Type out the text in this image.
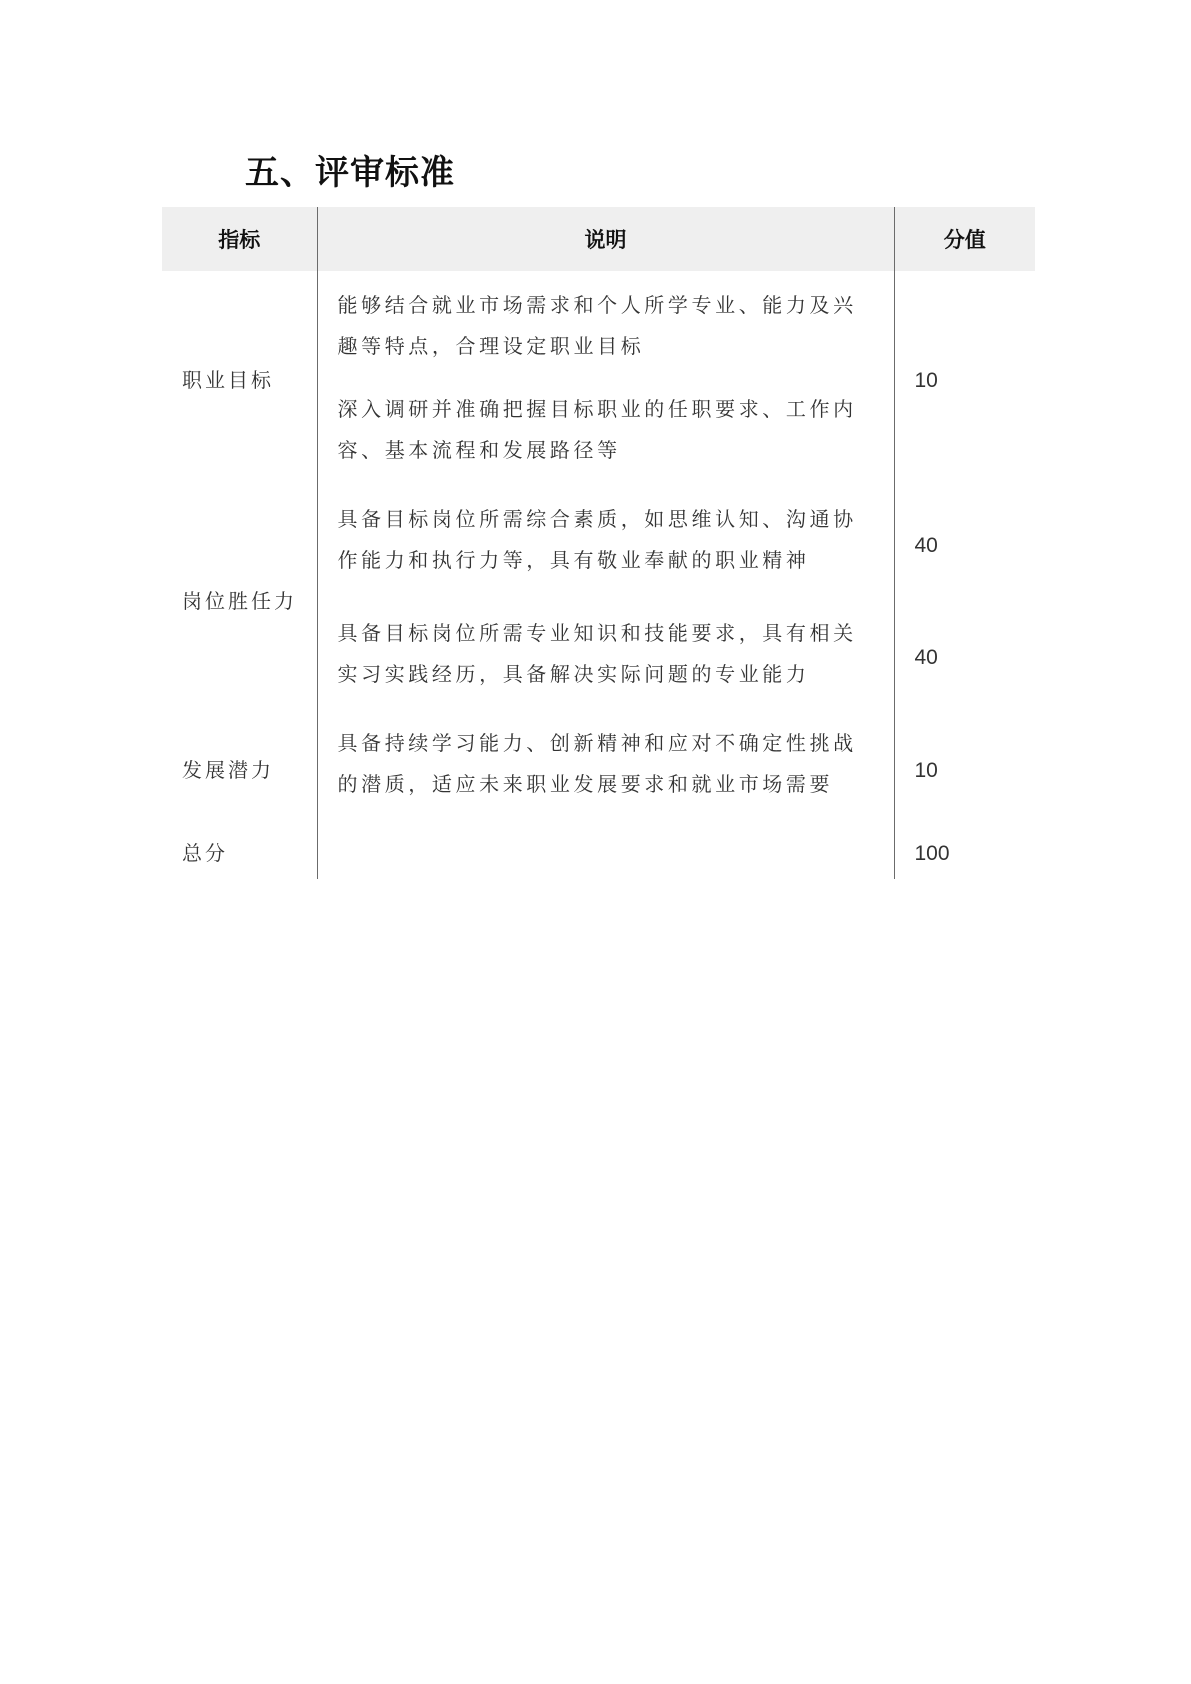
五、评审标准
指标	说明	分值
职业目标	能够结合就业市场需求和个人所学专业、能力及兴趣等特点，合理设定职业目标	10
	深入调研并准确把握目标职业的任职要求、工作内容、基本流程和发展路径等	
岗位胜任力	具备目标岗位所需综合素质，如思维认知、沟通协作能力和执行力等，具有敬业奉献的职业精神	40
	具备目标岗位所需专业知识和技能要求，具有相关实习实践经历，具备解决实际问题的专业能力	40
发展潜力	具备持续学习能力、创新精神和应对不确定性挑战的潜质，适应未来职业发展要求和就业市场需要	10
总分		100
